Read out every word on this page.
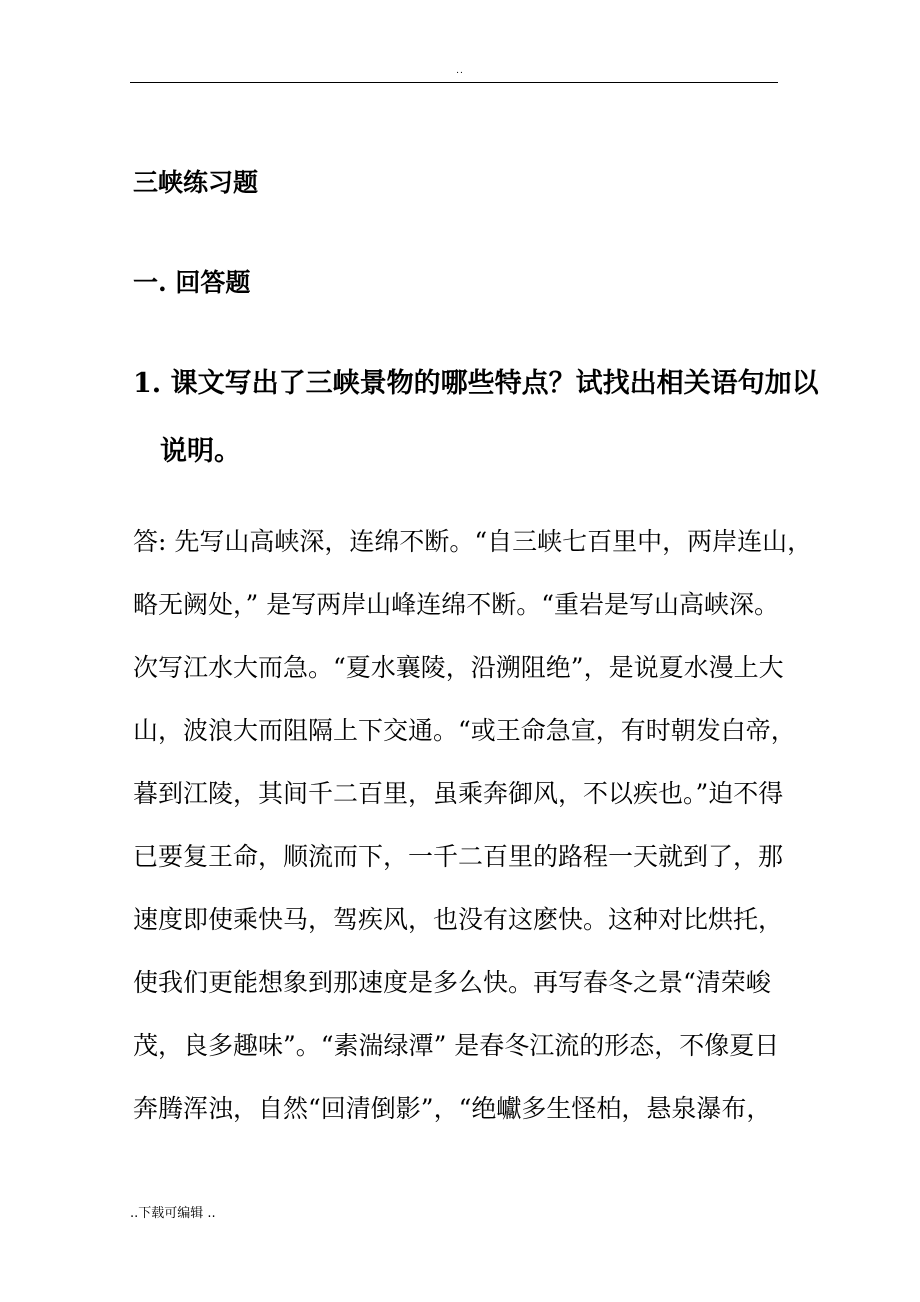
..
三峡练习题
一. 回答题
1. 课文写出了三峡景物的哪些特点？试找出相关语句加以
说明。
答: 先写山高峡深，连绵不断。“自三峡七百里中，两岸连山，
略无阙处，” 是写两岸山峰连绵不断。“重岩是写山高峡深。
次写江水大而急。“夏水襄陵，沿溯阻绝”，是说夏水漫上大
山，波浪大而阻隔上下交通。“或王命急宣，有时朝发白帝，
暮到江陵，其间千二百里，虽乘奔御风，不以疾也。”迫不得
已要复王命，顺流而下，一千二百里的路程一天就到了，那
速度即使乘快马，驾疾风，也没有这麽快。这种对比烘托，
使我们更能想象到那速度是多么快。再写春冬之景“清荣峻
茂，良多趣味”。“素湍绿潭” 是春冬江流的形态，不像夏日
奔腾浑浊，自然“回清倒影”，“绝巘多生怪柏，悬泉瀑布，
..下载可编辑 ..
